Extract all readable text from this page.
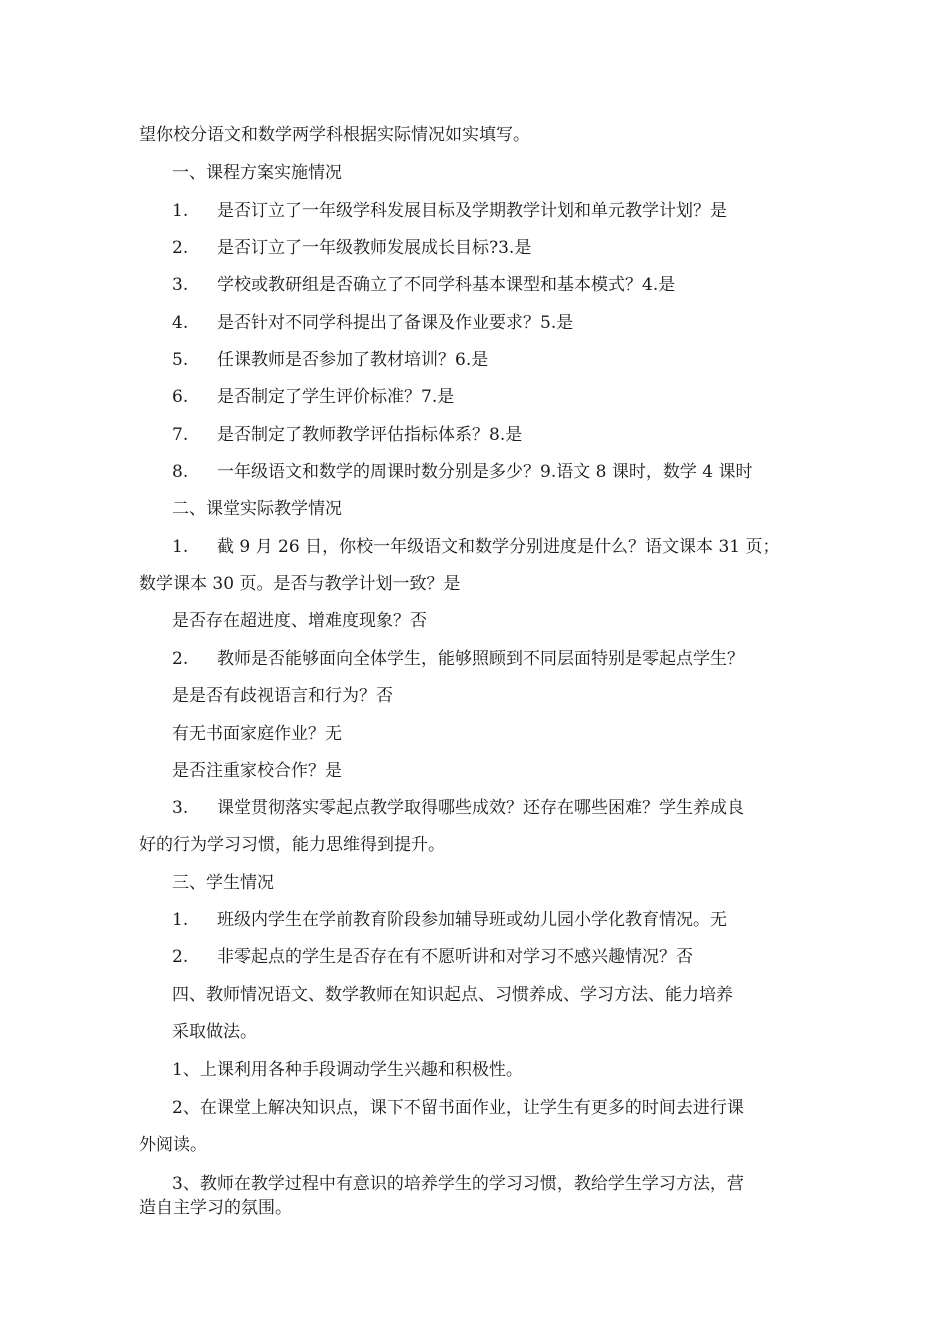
望你校分语文和数学两学科根据实际情况如实填写。
一、课程方案实施情况
1. 是否订立了一年级学科发展目标及学期教学计划和单元教学计划？是
2. 是否订立了一年级教师发展成长目标?3.是
3. 学校或教研组是否确立了不同学科基本课型和基本模式？4.是
4. 是否针对不同学科提出了备课及作业要求？5.是
5. 任课教师是否参加了教材培训？6.是
6. 是否制定了学生评价标准？7.是
7. 是否制定了教师教学评估指标体系？8.是
8. 一年级语文和数学的周课时数分别是多少？9.语文 8 课时，数学 4 课时
二、课堂实际教学情况
1. 截 9 月 26 日，你校一年级语文和数学分别进度是什么？语文课本 31 页；
数学课本 30 页。是否与教学计划一致？是
是否存在超进度、增难度现象？否
2. 教师是否能够面向全体学生，能够照顾到不同层面特别是零起点学生？
是是否有歧视语言和行为？否
有无书面家庭作业？无
是否注重家校合作？是
3. 课堂贯彻落实零起点教学取得哪些成效？还存在哪些困难？学生养成良
好的行为学习习惯，能力思维得到提升。
三、学生情况
1. 班级内学生在学前教育阶段参加辅导班或幼儿园小学化教育情况。无
2. 非零起点的学生是否存在有不愿听讲和对学习不感兴趣情况？否
四、教师情况语文、数学教师在知识起点、习惯养成、学习方法、能力培养
采取做法。
1、上课利用各种手段调动学生兴趣和积极性。
2、在课堂上解决知识点，课下不留书面作业，让学生有更多的时间去进行课
外阅读。
3、教师在教学过程中有意识的培养学生的学习习惯，教给学生学习方法，营
造自主学习的氛围。
